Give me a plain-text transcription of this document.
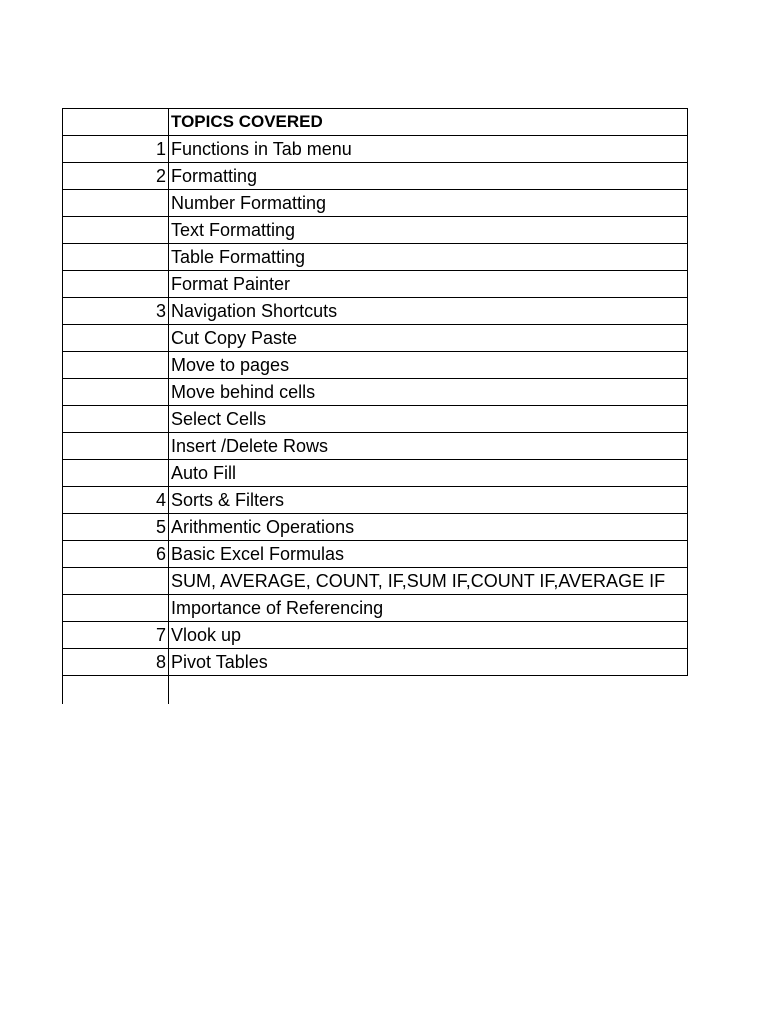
	TOPICS COVERED
1	Functions in Tab menu
2	Formatting
	Number Formatting
	Text Formatting
	Table Formatting
	Format Painter
3	Navigation Shortcuts
	Cut Copy Paste
	Move to pages
	Move behind cells
	Select Cells
	Insert /Delete Rows
	Auto Fill
4	Sorts & Filters
5	Arithmentic Operations
6	Basic Excel Formulas
	SUM, AVERAGE, COUNT, IF,SUM IF,COUNT IF,AVERAGE IF
	Importance of Referencing
7	Vlook up
8	Pivot Tables
